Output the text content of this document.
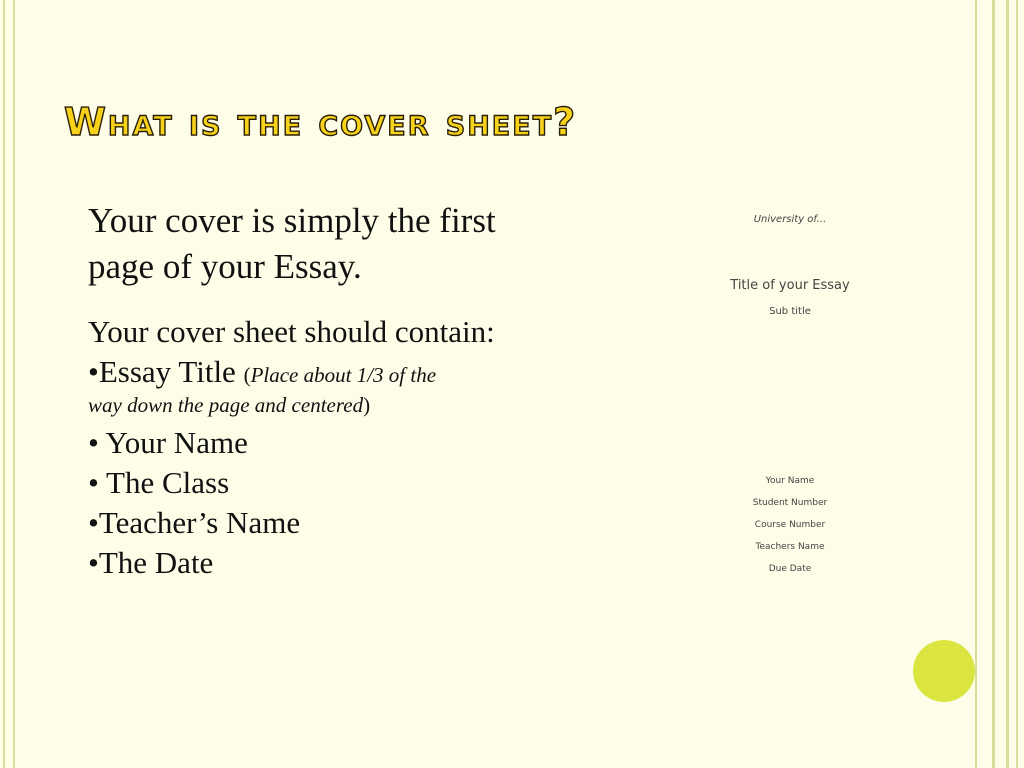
What is the cover sheet?

Your cover is simply the first page of your Essay.

Your cover sheet should contain:

•Essay Title (Place about 1/3 of the

way down the page and centered)

• Your Name

• The Class

•Teacher’s Name

•The Date

University of...
Title of your Essay
Sub title
Your Name
Student Number
Course Number
Teachers Name
Due Date
